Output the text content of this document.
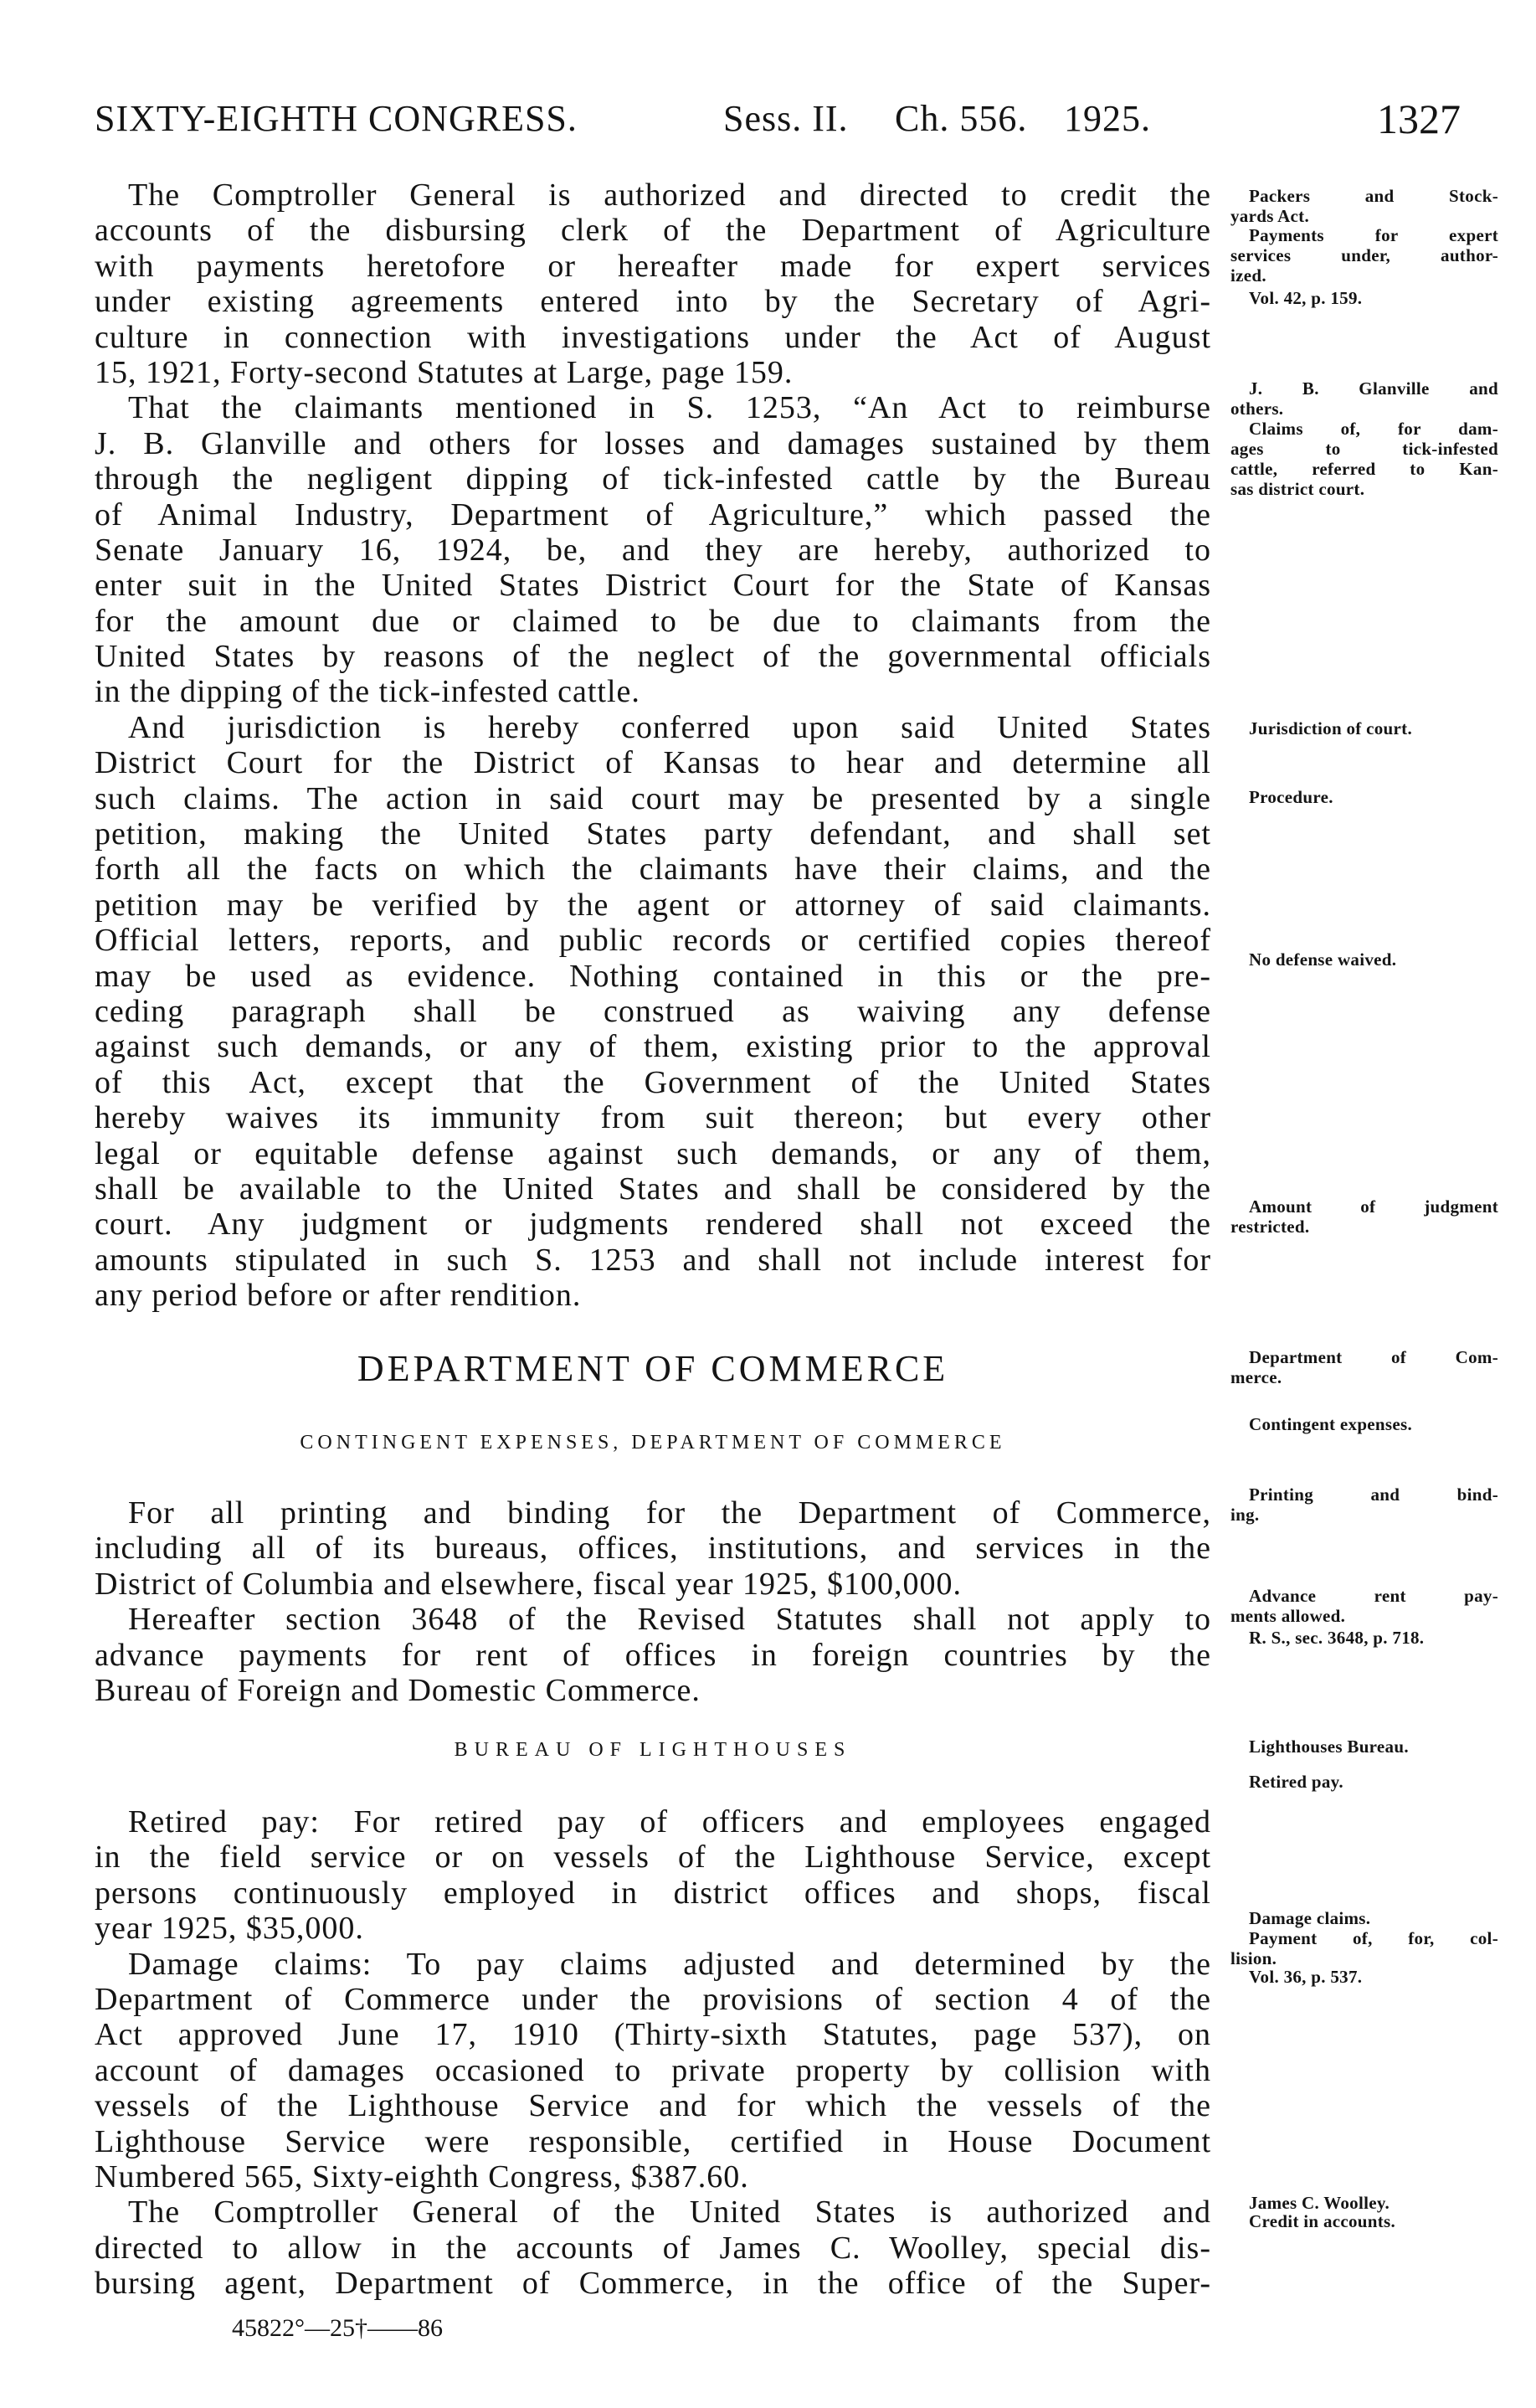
SIXTY-EIGHTH CONGRESS.	Sess. II. Ch. 556. 1925.	1327
The Comptroller General is authorized and directed to credit the
accounts of the disbursing clerk of the Department of Agriculture
with payments heretofore or hereafter made for expert services
under existing agreements entered into by the Secretary of Agri-
culture in connection with investigations under the Act of August
15, 1921, Forty-second Statutes at Large, page 159.
That the claimants mentioned in S. 1253, “An Act to reimburse
J. B. Glanville and others for losses and damages sustained by them
through the negligent dipping of tick-infested cattle by the Bureau
of Animal Industry, Department of Agriculture,” which passed the
Senate January 16, 1924, be, and they are hereby, authorized to
enter suit in the United States District Court for the State of Kansas
for the amount due or claimed to be due to claimants from the
United States by reasons of the neglect of the governmental officials
in the dipping of the tick-infested cattle.
And jurisdiction is hereby conferred upon said United States
District Court for the District of Kansas to hear and determine all
such claims. The action in said court may be presented by a single
petition, making the United States party defendant, and shall set
forth all the facts on which the claimants have their claims, and the
petition may be verified by the agent or attorney of said claimants.
Official letters, reports, and public records or certified copies thereof
may be used as evidence. Nothing contained in this or the pre-
ceding paragraph shall be construed as waiving any defense
against such demands, or any of them, existing prior to the approval
of this Act, except that the Government of the United States
hereby waives its immunity from suit thereon; but every other
legal or equitable defense against such demands, or any of them,
shall be available to the United States and shall be considered by the
court. Any judgment or judgments rendered shall not exceed the
amounts stipulated in such S. 1253 and shall not include interest for
any period before or after rendition.
DEPARTMENT OF COMMERCE
CONTINGENT EXPENSES, DEPARTMENT OF COMMERCE
For all printing and binding for the Department of Commerce,
including all of its bureaus, offices, institutions, and services in the
District of Columbia and elsewhere, fiscal year 1925, $100,000.
Hereafter section 3648 of the Revised Statutes shall not apply to
advance payments for rent of offices in foreign countries by the
Bureau of Foreign and Domestic Commerce.
BUREAU OF LIGHTHOUSES
Retired pay: For retired pay of officers and employees engaged
in the field service or on vessels of the Lighthouse Service, except
persons continuously employed in district offices and shops, fiscal
year 1925, $35,000.
Damage claims: To pay claims adjusted and determined by the
Department of Commerce under the provisions of section 4 of the
Act approved June 17, 1910 (Thirty-sixth Statutes, page 537), on
account of damages occasioned to private property by collision with
vessels of the Lighthouse Service and for which the vessels of the
Lighthouse Service were responsible, certified in House Document
Numbered 565, Sixty-eighth Congress, $387.60.
The Comptroller General of the United States is authorized and
directed to allow in the accounts of James C. Woolley, special dis-
bursing agent, Department of Commerce, in the office of the Super-
Packers and Stock-
yards Act.
Payments for expert
services under, author-
ized.
Vol. 42, p. 159.
J. B. Glanville and
others.
Claims of, for dam-
ages to tick-infested
cattle, referred to Kan-
sas district court.
Jurisdiction of court.
Procedure.
No defense waived.
Amount of judgment
restricted.
Department of Com-
merce.
Contingent expenses.
Printing and bind-
ing.
Advance rent pay-
ments allowed.
R. S., sec. 3648, p. 718.
Lighthouses Bureau.
Retired pay.
Damage claims.
Payment of, for, col-
lision.
Vol. 36, p. 537.
James C. Woolley.
Credit in accounts.
45822°—25†——86
